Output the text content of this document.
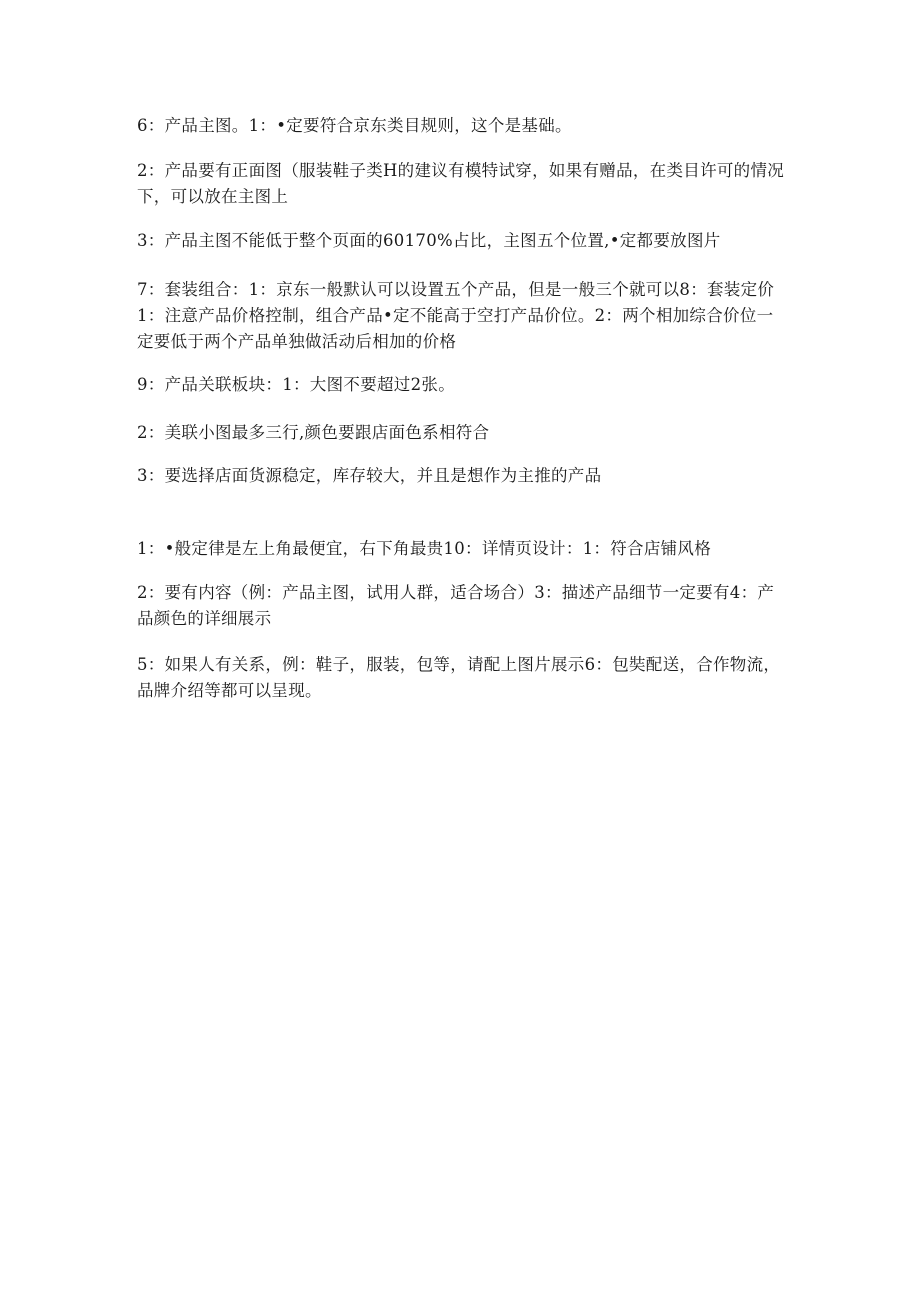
6：产品主图。1：•定要符合京东类目规则，这个是基础。

2：产品要有正面图（服装鞋子类H的建议有模特试穿，如果有赠品，在类目许可的情况下，可以放在主图上

3：产品主图不能低于整个页面的60170%占比，主图五个位置,•定都要放图片

7：套装组合：1：京东一般默认可以设置五个产品，但是一般三个就可以8：套装定价1：注意产品价格控制，组合产品•定不能高于空打产品价位。2：两个相加综合价位一定要低于两个产品单独做活动后相加的价格

9：产品关联板块：1：大图不要超过2张。

2：美联小图最多三行,颜色要跟店面色系相符合

3：要选择店面货源稳定，库存较大，并且是想作为主推的产品

1：•般定律是左上角最便宜，右下角最贵10：详情页设计：1：符合店铺风格

2：要有内容（例：产品主图，试用人群，适合场合）3：描述产品细节一定要有4：产品颜色的详细展示

5：如果人有关系，例：鞋子，服装，包等，请配上图片展示6：包奘配送，合作物流，品牌介绍等都可以呈现。
